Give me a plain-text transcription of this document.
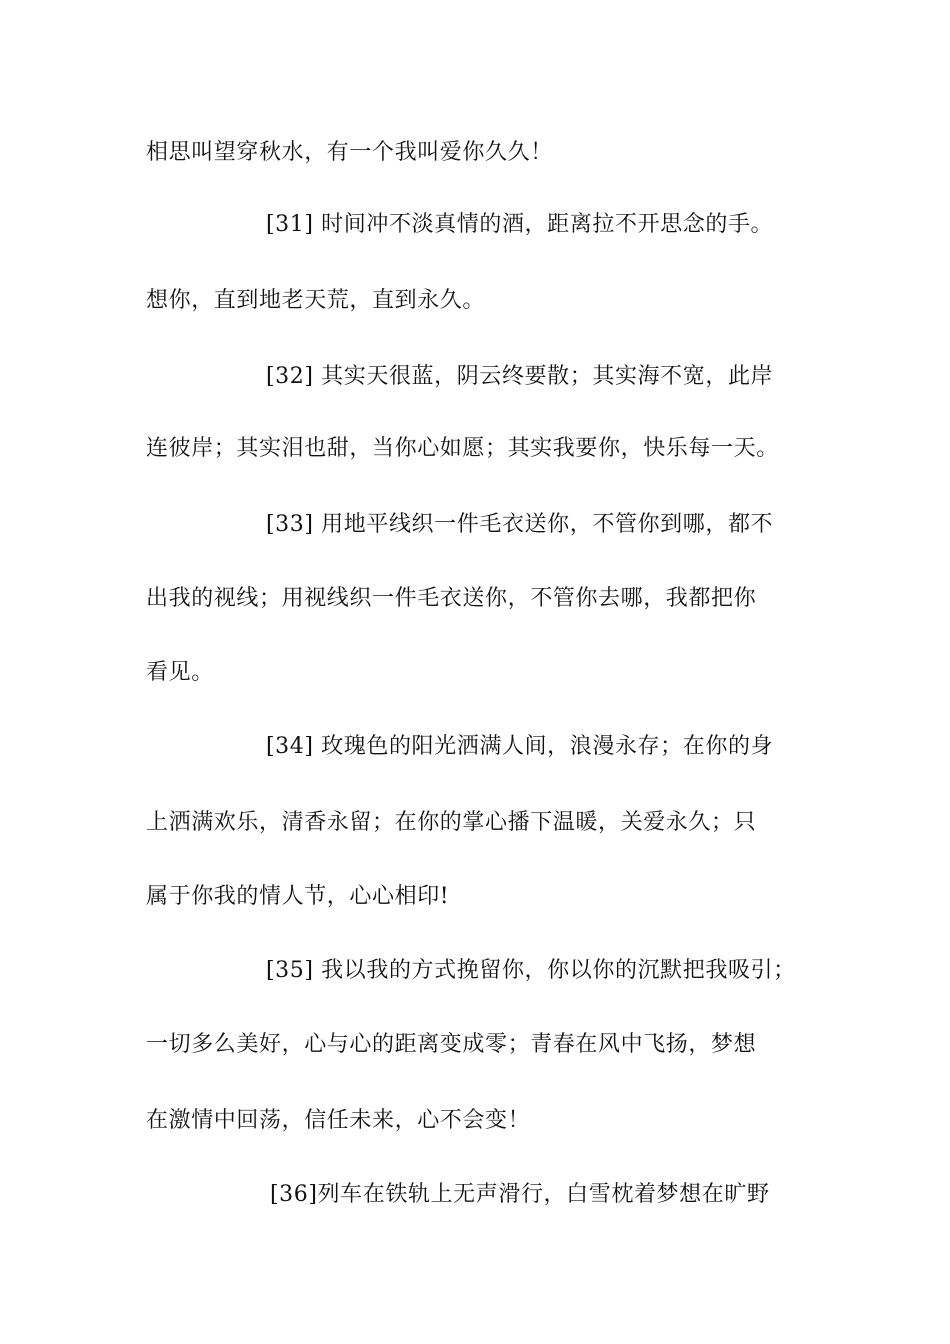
相思叫望穿秋水，有一个我叫爱你久久！
[31] 时间冲不淡真情的酒，距离拉不开思念的手。
想你，直到地老天荒，直到永久。
[32] 其实天很蓝，阴云终要散；其实海不宽，此岸
连彼岸；其实泪也甜，当你心如愿；其实我要你，快乐每一天。
[33] 用地平线织一件毛衣送你，不管你到哪，都不
出我的视线；用视线织一件毛衣送你，不管你去哪，我都把你
看见。
[34] 玫瑰色的阳光洒满人间，浪漫永存；在你的身
上洒满欢乐，清香永留；在你的掌心播下温暖，关爱永久；只
属于你我的情人节，心心相印!
[35] 我以我的方式挽留你，你以你的沉默把我吸引；
一切多么美好，心与心的距离变成零；青春在风中飞扬，梦想
在激情中回荡，信任未来，心不会变！
[36]列车在铁轨上无声滑行，白雪枕着梦想在旷野
